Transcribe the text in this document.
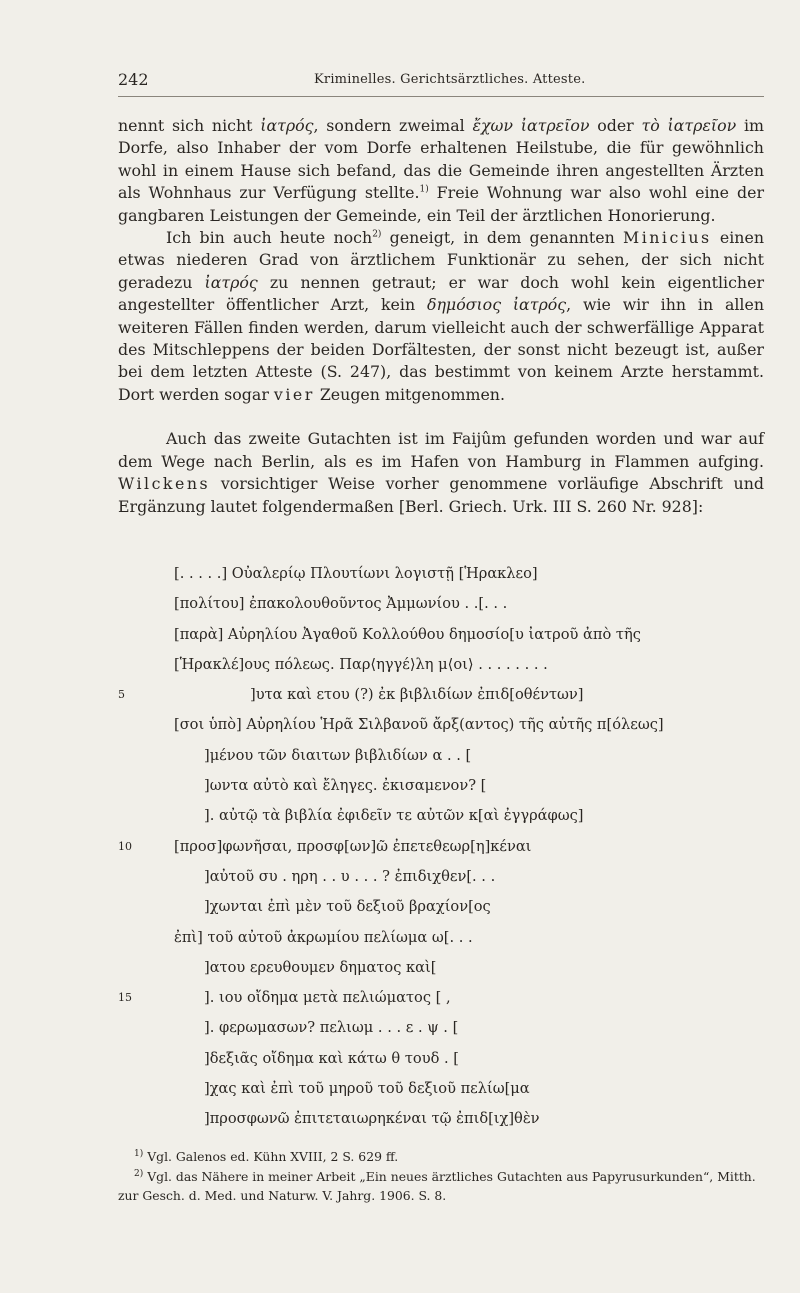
242	Kriminelles. Gerichtsärztliches. Atteste.

nennt sich nicht ἰατρός, sondern zweimal ἔχων ἰατρεῖον oder τὸ ἰατρεῖον im Dorfe, also Inhaber der vom Dorfe erhaltenen Heilstube, die für gewöhnlich wohl in einem Hause sich befand, das die Gemeinde ihren angestellten Ärzten als Wohnhaus zur Verfügung stellte.$^{1)}$ Freie Wohnung war also wohl eine der gangbaren Leistungen der Gemeinde, ein Teil der ärztlichen Honorierung.

Ich bin auch heute noch$^{2)}$ geneigt, in dem genannten Minicius einen etwas niederen Grad von ärztlichem Funktionär zu sehen, der sich nicht geradezu ἰατρός zu nennen getraut; er war doch wohl kein eigentlicher angestellter öffentlicher Arzt, kein δημόσιος ἰατρός, wie wir ihn in allen weiteren Fällen finden werden, darum vielleicht auch der schwerfällige Apparat des Mitschleppens der beiden Dorfältesten, der sonst nicht bezeugt ist, außer bei dem letzten Atteste (S. 247), das bestimmt von keinem Arzte herstammt. Dort werden sogar vier Zeugen mitgenommen.

Auch das zweite Gutachten ist im Faijûm gefunden worden und war auf dem Wege nach Berlin, als es im Hafen von Hamburg in Flammen aufging. Wilckens vorsichtiger Weise vorher genommene vorläufige Abschrift und Ergänzung lautet folgendermaßen [Berl. Griech. Urk. III S. 260 Nr. 928]:

[. . . . .] Οὐαλερίῳ Πλουτίωνι λογιστῇ [Ἡρακλεο]
[πολίτου] ἐπακολουθοῦντος Ἀμμωνίου . .[. . .
[παρὰ] Αὐρηλίου Ἀγαθοῦ Κολλούθου δημοσίο[υ ἰατροῦ ἀπὸ τῆς
[Ἡρακλέ]ους πόλεως. Παρ⟨ηγγέ⟩λη μ⟨οι⟩ . . . . . . . .
5	]υτα καὶ ετου (?) ἐκ βιβλιδίων ἐπιδ[οθέντων]
[σοι ὑπὸ] Αὐρηλίου Ἡρᾶ Σιλβανοῦ ἄρξ(αντος) τῆς αὐτῆς π[όλεως]
]μένου τῶν διαιτων βιβλιδίων α . . [
]ωντα αὐτὸ καὶ ἔληγες. ἐκισαμενον? [
]. αὐτῷ τὰ βιβλία ἐφιδεῖν τε αὐτῶν κ[αὶ ἐγγράφως]
10	[προσ]φωνῆσαι, προσφ[ων]ῶ ἐπετεθεωρ[η]κέναι
]αὐτοῦ συ . ηρη . . υ . . . ? ἐπιδιχθεν[. . .
]χωνται ἐπὶ μὲν τοῦ δεξιοῦ βραχίον[ος
ἐπὶ] τοῦ αὐτοῦ ἀκρωμίου πελίωμα ω[. . .
]ατου ερευθουμεν δηματος καὶ[
15	]. ιου οἴδημα μετὰ πελιώματος [ ,
]. φερωμασων? πελιωμ . . . ε . ψ . [
]δεξιᾶς οἴδημα καὶ κάτω θ τουδ . [
]χας καὶ ἐπὶ τοῦ μηροῦ τοῦ δεξιοῦ πελίω[μα
]προσφωνῶ ἐπιτεταιωρηκέναι τῷ ἐπιδ[ιχ]θὲν

$^{1)}$ Vgl. Galenos ed. Kühn XVIII, 2 S. 629 ff.

$^{2)}$ Vgl. das Nähere in meiner Arbeit „Ein neues ärztliches Gutachten aus Papyrusurkunden“, Mitth. zur Gesch. d. Med. und Naturw. V. Jahrg. 1906. S. 8.
